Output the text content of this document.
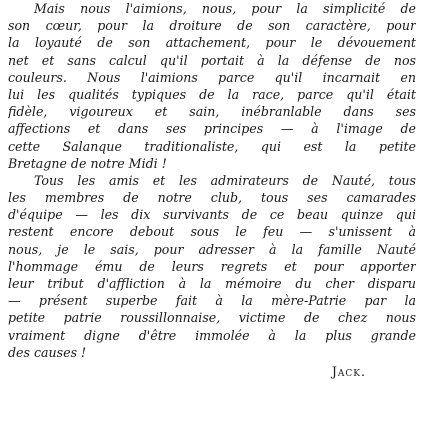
Mais nous l'aimions, nous, pour la simplicité de
son cœur, pour la droiture de son caractère, pour
la loyauté de son attachement, pour le dévouement
net et sans calcul qu'il portait à la défense de nos
couleurs. Nous l'aimions parce qu'il incarnait en
lui les qualités typiques de la race, parce qu'il était
fidèle, vigoureux et sain, inébranlable dans ses
affections et dans ses principes — à l'image de
cette Salanque traditionaliste, qui est la petite
Bretagne de notre Midi !
Tous les amis et les admirateurs de Nauté, tous
les membres de notre club, tous ses camarades
d'équipe — les dix survivants de ce beau quinze qui
restent encore debout sous le feu — s'unissent à
nous, je le sais, pour adresser à la famille Nauté
l'hommage ému de leurs regrets et pour apporter
leur tribut d'affliction à la mémoire du cher disparu
— présent superbe fait à la mère-Patrie par la
petite patrie roussillonnaise, victime de chez nous
vraiment digne d'être immolée à la plus grande
des causes !
Jack.
